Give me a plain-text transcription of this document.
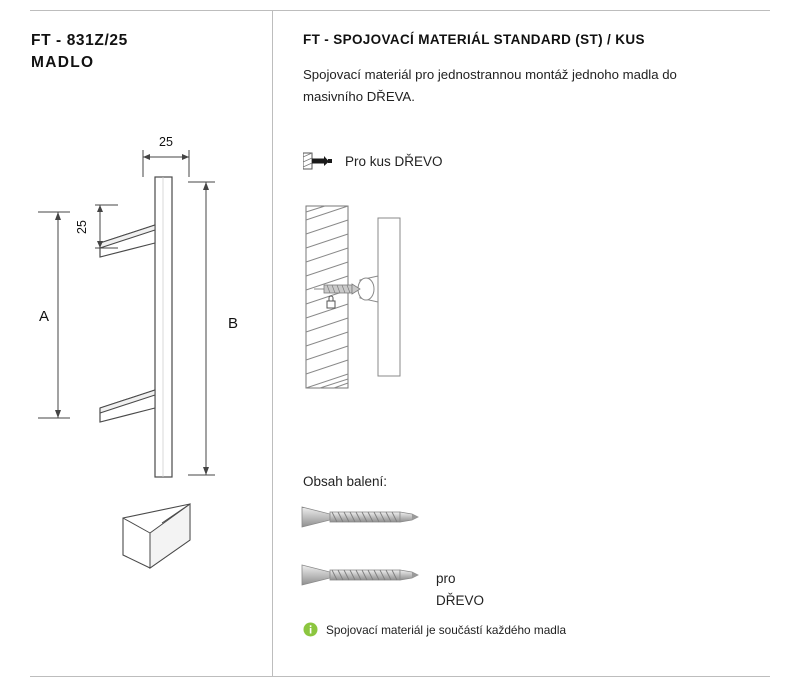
FT - 831Z/25
MADLO
25
25
A	B
FT - SPOJOVACÍ MATERIÁL STANDARD (ST) / KUS
Spojovací materiál pro jednostrannou montáž jednoho madla do masivního DŘEVA.
Pro kus DŘEVO
Obsah balení:
pro
DŘEVO
Spojovací materiál je součástí každého madla
